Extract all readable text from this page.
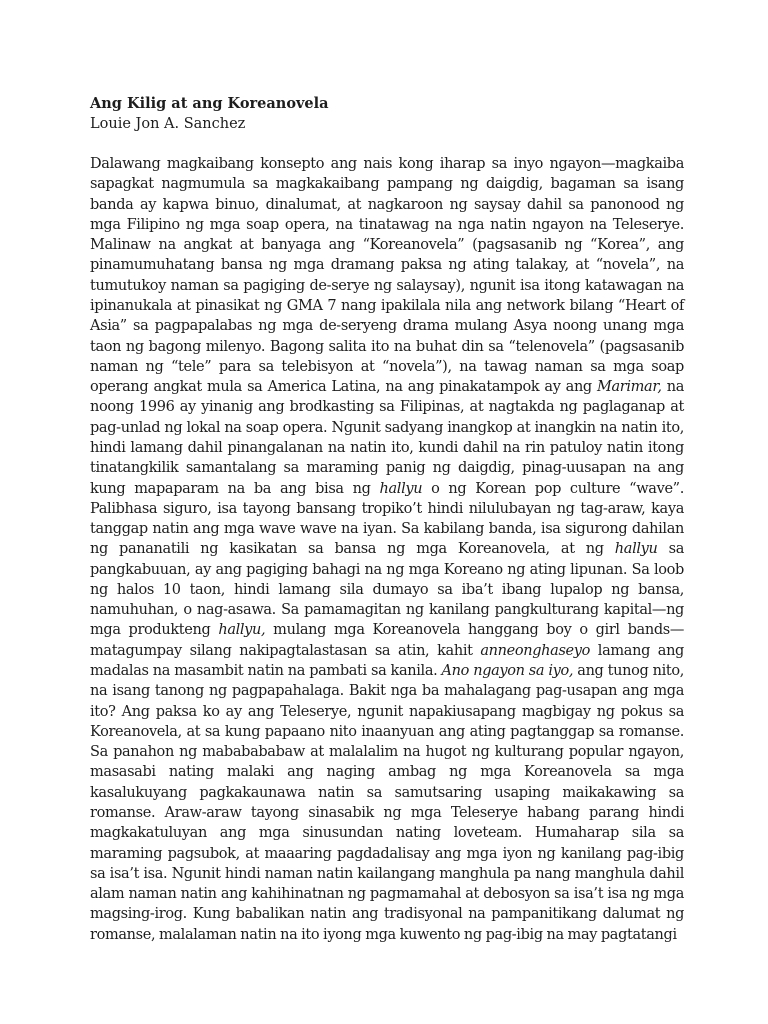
Ang Kilig at ang Koreanovela

Louie Jon A. Sanchez

Dalawang magkaibang konsepto ang nais kong iharap sa inyo ngayon—magkaiba sapagkat nagmumula sa magkakaibang pampang ng daigdig, bagaman sa isang banda ay kapwa binuo, dinalumat, at nagkaroon ng saysay dahil sa panonood ng mga Filipino ng mga soap opera, na tinatawag na nga natin ngayon na Teleserye. Malinaw na angkat at banyaga ang “Koreanovela” (pagsasanib ng “Korea”, ang pinamumuhatang bansa ng mga dramang paksa ng ating talakay, at “novela”, na tumutukoy naman sa pagiging de-serye ng salaysay), ngunit isa itong katawagan na ipinanukala at pinasikat ng GMA 7 nang ipakilala nila ang network bilang “Heart of Asia” sa pagpapalabas ng mga de-seryeng drama mulang Asya noong unang mga taon ng bagong milenyo. Bagong salita ito na buhat din sa “telenovela” (pagsasanib naman ng “tele” para sa telebisyon at “novela”), na tawag naman sa mga soap operang angkat mula sa America Latina, na ang pinakatampok ay ang Marimar, na noong 1996 ay yinanig ang brodkasting sa Filipinas, at nagtakda ng paglaganap at pag-unlad ng lokal na soap opera. Ngunit sadyang inangkop at inangkin na natin ito, hindi lamang dahil pinangalanan na natin ito, kundi dahil na rin patuloy natin itong tinatangkilik samantalang sa maraming panig ng daigdig, pinag-uusapan na ang kung mapaparam na ba ang bisa ng hallyu o ng Korean pop culture “wave”. Palibhasa siguro, isa tayong bansang tropiko’t hindi nilulubayan ng tag-araw, kaya tanggap natin ang mga wave wave na iyan. Sa kabilang banda, isa sigurong dahilan ng pananatili ng kasikatan sa bansa ng mga Koreanovela, at ng hallyu sa pangkabuuan, ay ang pagiging bahagi na ng mga Koreano ng ating lipunan. Sa loob ng halos 10 taon, hindi lamang sila dumayo sa iba’t ibang lupalop ng bansa, namuhuhan, o nag-asawa. Sa pamamagitan ng kanilang pangkulturang kapital—ng mga produkteng hallyu, mulang mga Koreanovela hanggang boy o girl bands—matagumpay silang nakipagtalastasan sa atin, kahit anneonghaseyo lamang ang madalas na masambit natin na pambati sa kanila. Ano ngayon sa iyo, ang tunog nito, na isang tanong ng pagpapahalaga. Bakit nga ba mahalagang pag-usapan ang mga ito? Ang paksa ko ay ang Teleserye, ngunit napakiusapang magbigay ng pokus sa Koreanovela, at sa kung papaano nito inaanyuan ang ating pagtanggap sa romanse. Sa panahon ng mababababaw at malalalim na hugot ng kulturang popular ngayon, masasabi nating malaki ang naging ambag ng mga Koreanovela sa mga kasalukuyang pagkakaunawa natin sa samutsaring usaping maikakawing sa romanse. Araw-araw tayong sinasabik ng mga Teleserye habang parang hindi magkakatuluyan ang mga sinusundan nating loveteam. Humaharap sila sa maraming pagsubok, at maaaring pagdadalisay ang mga iyon ng kanilang pag-ibig sa isa’t isa. Ngunit hindi naman natin kailangang manghula pa nang manghula dahil alam naman natin ang kahihinatnan ng pagmamahal at debosyon sa isa’t isa ng mga magsing-irog. Kung babalikan natin ang tradisyonal na pampanitikang dalumat ng romanse, malalaman natin na ito iyong mga kuwento ng pag-ibig na may pagtatangi
